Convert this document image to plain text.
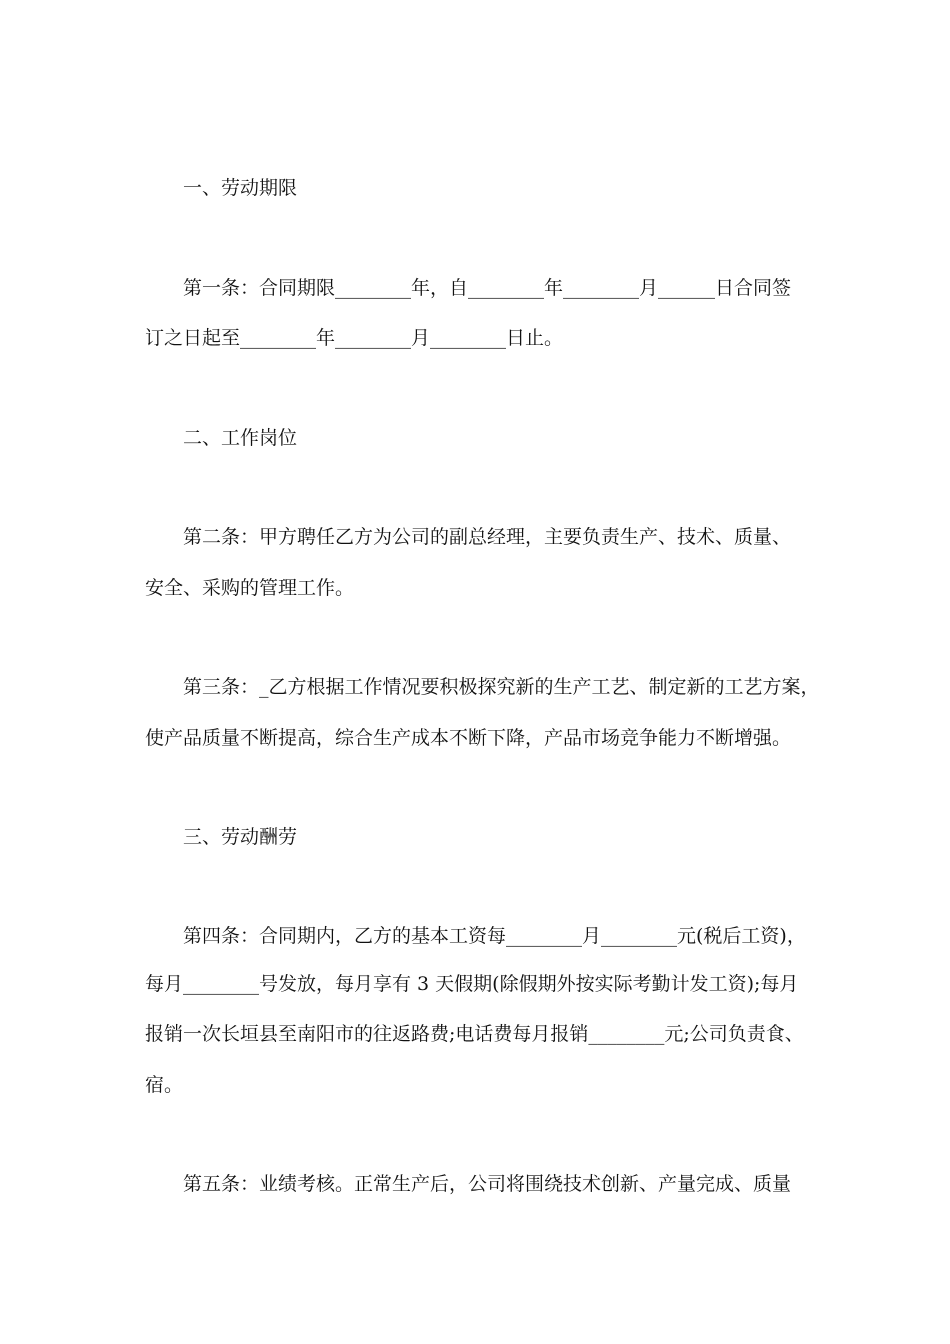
一、劳动期限
第一条：合同期限________年，自________年________月______日合同签
订之日起至________年________月________日止。
二、工作岗位
第二条：甲方聘任乙方为公司的副总经理，主要负责生产、技术、质量、
安全、采购的管理工作。
第三条：_乙方根据工作情况要积极探究新的生产工艺、制定新的工艺方案，
使产品质量不断提高，综合生产成本不断下降，产品市场竞争能力不断增强。
三、劳动酬劳
第四条：合同期内，乙方的基本工资每________月________元(税后工资)，
每月________号发放，每月享有 3 天假期(除假期外按实际考勤计发工资);每月
报销一次长垣县至南阳市的往返路费;电话费每月报销________元;公司负责食、
宿。
第五条：业绩考核。正常生产后，公司将围绕技术创新、产量完成、质量
